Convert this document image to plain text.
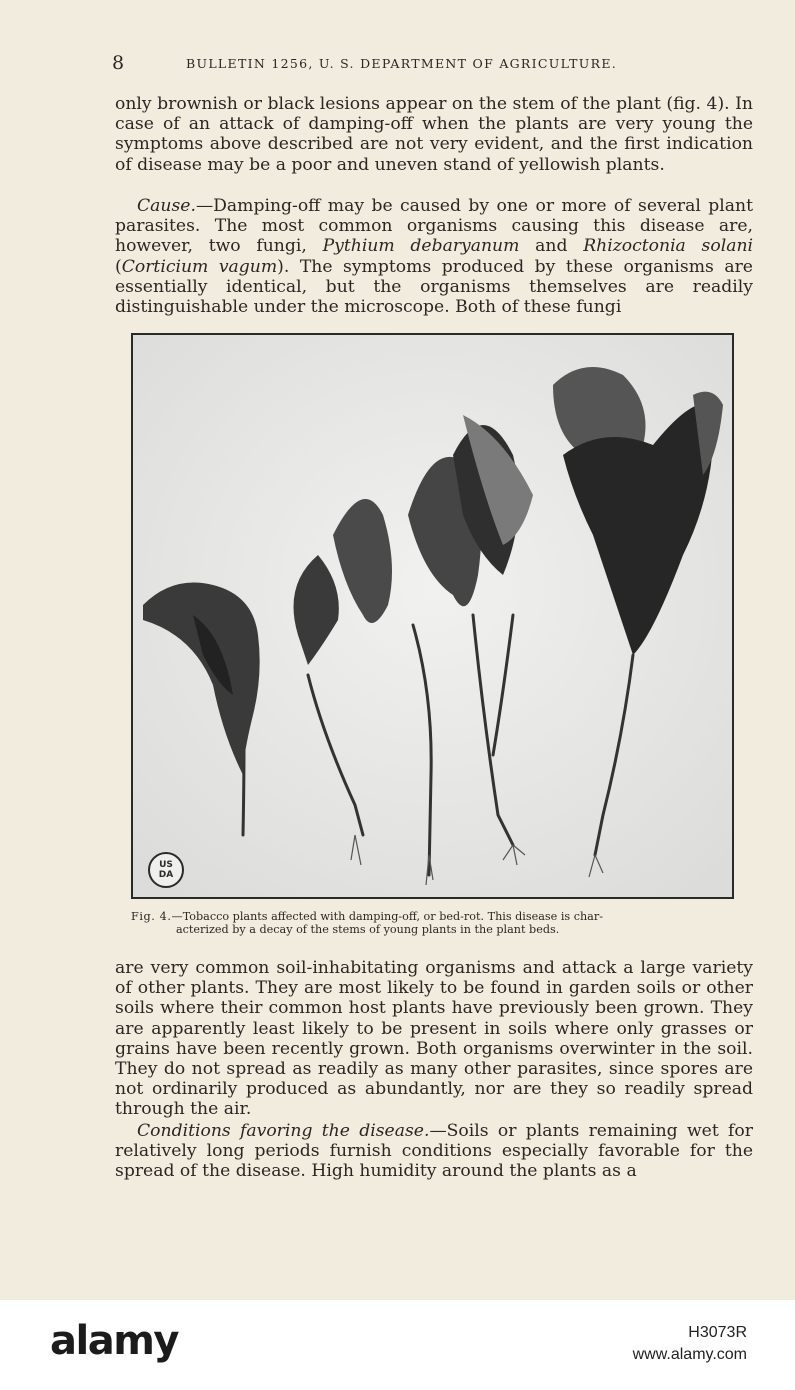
8	BULLETIN 1256, U. S. DEPARTMENT OF AGRICULTURE.

only brownish or black lesions appear on the stem of the plant (fig. 4). In case of an attack of damping-off when the plants are very young the symptoms above described are not very evident, and the first indication of disease may be a poor and uneven stand of yellowish plants.

Cause.—Damping-off may be caused by one or more of several plant parasites. The most common organisms causing this disease are, however, two fungi, Pythium debaryanum and Rhizoctonia solani (Corticium vagum). The symptoms produced by these organisms are essentially identical, but the organisms themselves are readily distinguishable under the microscope. Both of these fungi

US
DA
Fig. 4.—Tobacco plants affected with damping-off, or bed-rot. This disease is char-
acterized by a decay of the stems of young plants in the plant beds.

are very common soil-inhabitating organisms and attack a large variety of other plants. They are most likely to be found in garden soils or other soils where their common host plants have previously been grown. They are apparently least likely to be present in soils where only grasses or grains have been recently grown. Both organisms overwinter in the soil. They do not spread as readily as many other parasites, since spores are not ordinarily produced as abundantly, nor are they so readily spread through the air.

Conditions favoring the disease.—Soils or plants remaining wet for relatively long periods furnish conditions especially favorable for the spread of the disease. High humidity around the plants as a

alamy	H3073R
www.alamy.com
